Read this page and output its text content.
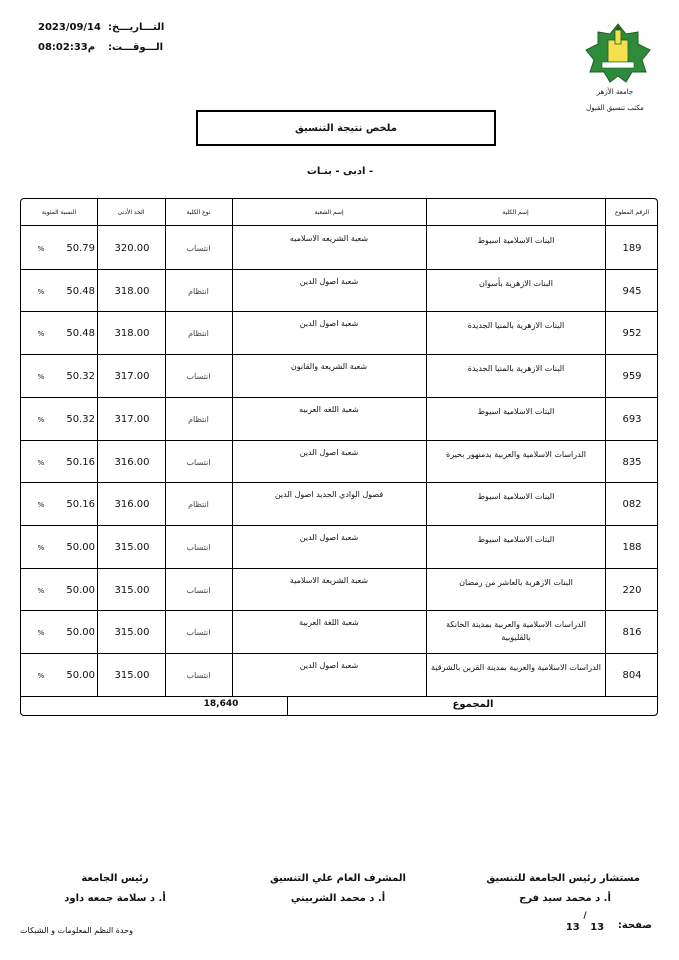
2023/09/14 التـــاريـــخ:
08:02:33م الـــوقـــت:
جامعة الأزهر
مكتب تنسيق القبول
ملخص نتيجة التنسيق
- ادبى - بنـات
الرقم المطوع
إسم الكلية
إسم الشعبة
نوع الكلية
الحد الأدنى
النسبة المئوية
189
البنات الاسلامية اسيوط
شعبة الشريعه الاسلاميه
انتساب
320.00
50.79
%
945
البنات الازهرية بأسوان
شعبة اصول الدين
انتظام
318.00
50.48
%
952
البنات الازهرية بالمنيا الجديدة
شعبة اصول الدين
انتظام
318.00
50.48
%
959
البنات الازهرية بالمنيا الجديدة
شعبة الشريعة والقانون
انتساب
317.00
50.32
%
693
البنات الاسلامية اسيوط
شعبة اللغه العربيه
انتظام
317.00
50.32
%
835
الدراسات الاسلامية والعربية بدمنهور بحيرة
شعبة اصول الدين
انتساب
316.00
50.16
%
082
البنات الاسلامية اسيوط
فصول الوادي الجديد اصول الدين
انتظام
316.00
50.16
%
188
البنات الاسلامية اسيوط
شعبة اصول الدين
انتساب
315.00
50.00
%
220
البنات الازهرية بالعاشر من رمضان
شعبة الشريعة الاسلامية
انتساب
315.00
50.00
%
816
الدراسات الاسلامية والعربية بمدينة الخانكة بالقليوبية
شعبة اللغة العربية
انتساب
315.00
50.00
%
804
الدراسات الاسلامية والعربية بمدينة القرين بالشرقية
شعبة اصول الدين
انتساب
315.00
50.00
%
المجموع
18,640
مستشار رئيس الجامعة للتنسيق
أ. د محمد سيد فرج
المشرف العام علي التنسيق
أ. د محمد الشربيني
رئيس الجامعة
أ. د سلامة جمعه داود
صفحة:
13 13
/
وحدة النظم المعلومات و الشبكات
